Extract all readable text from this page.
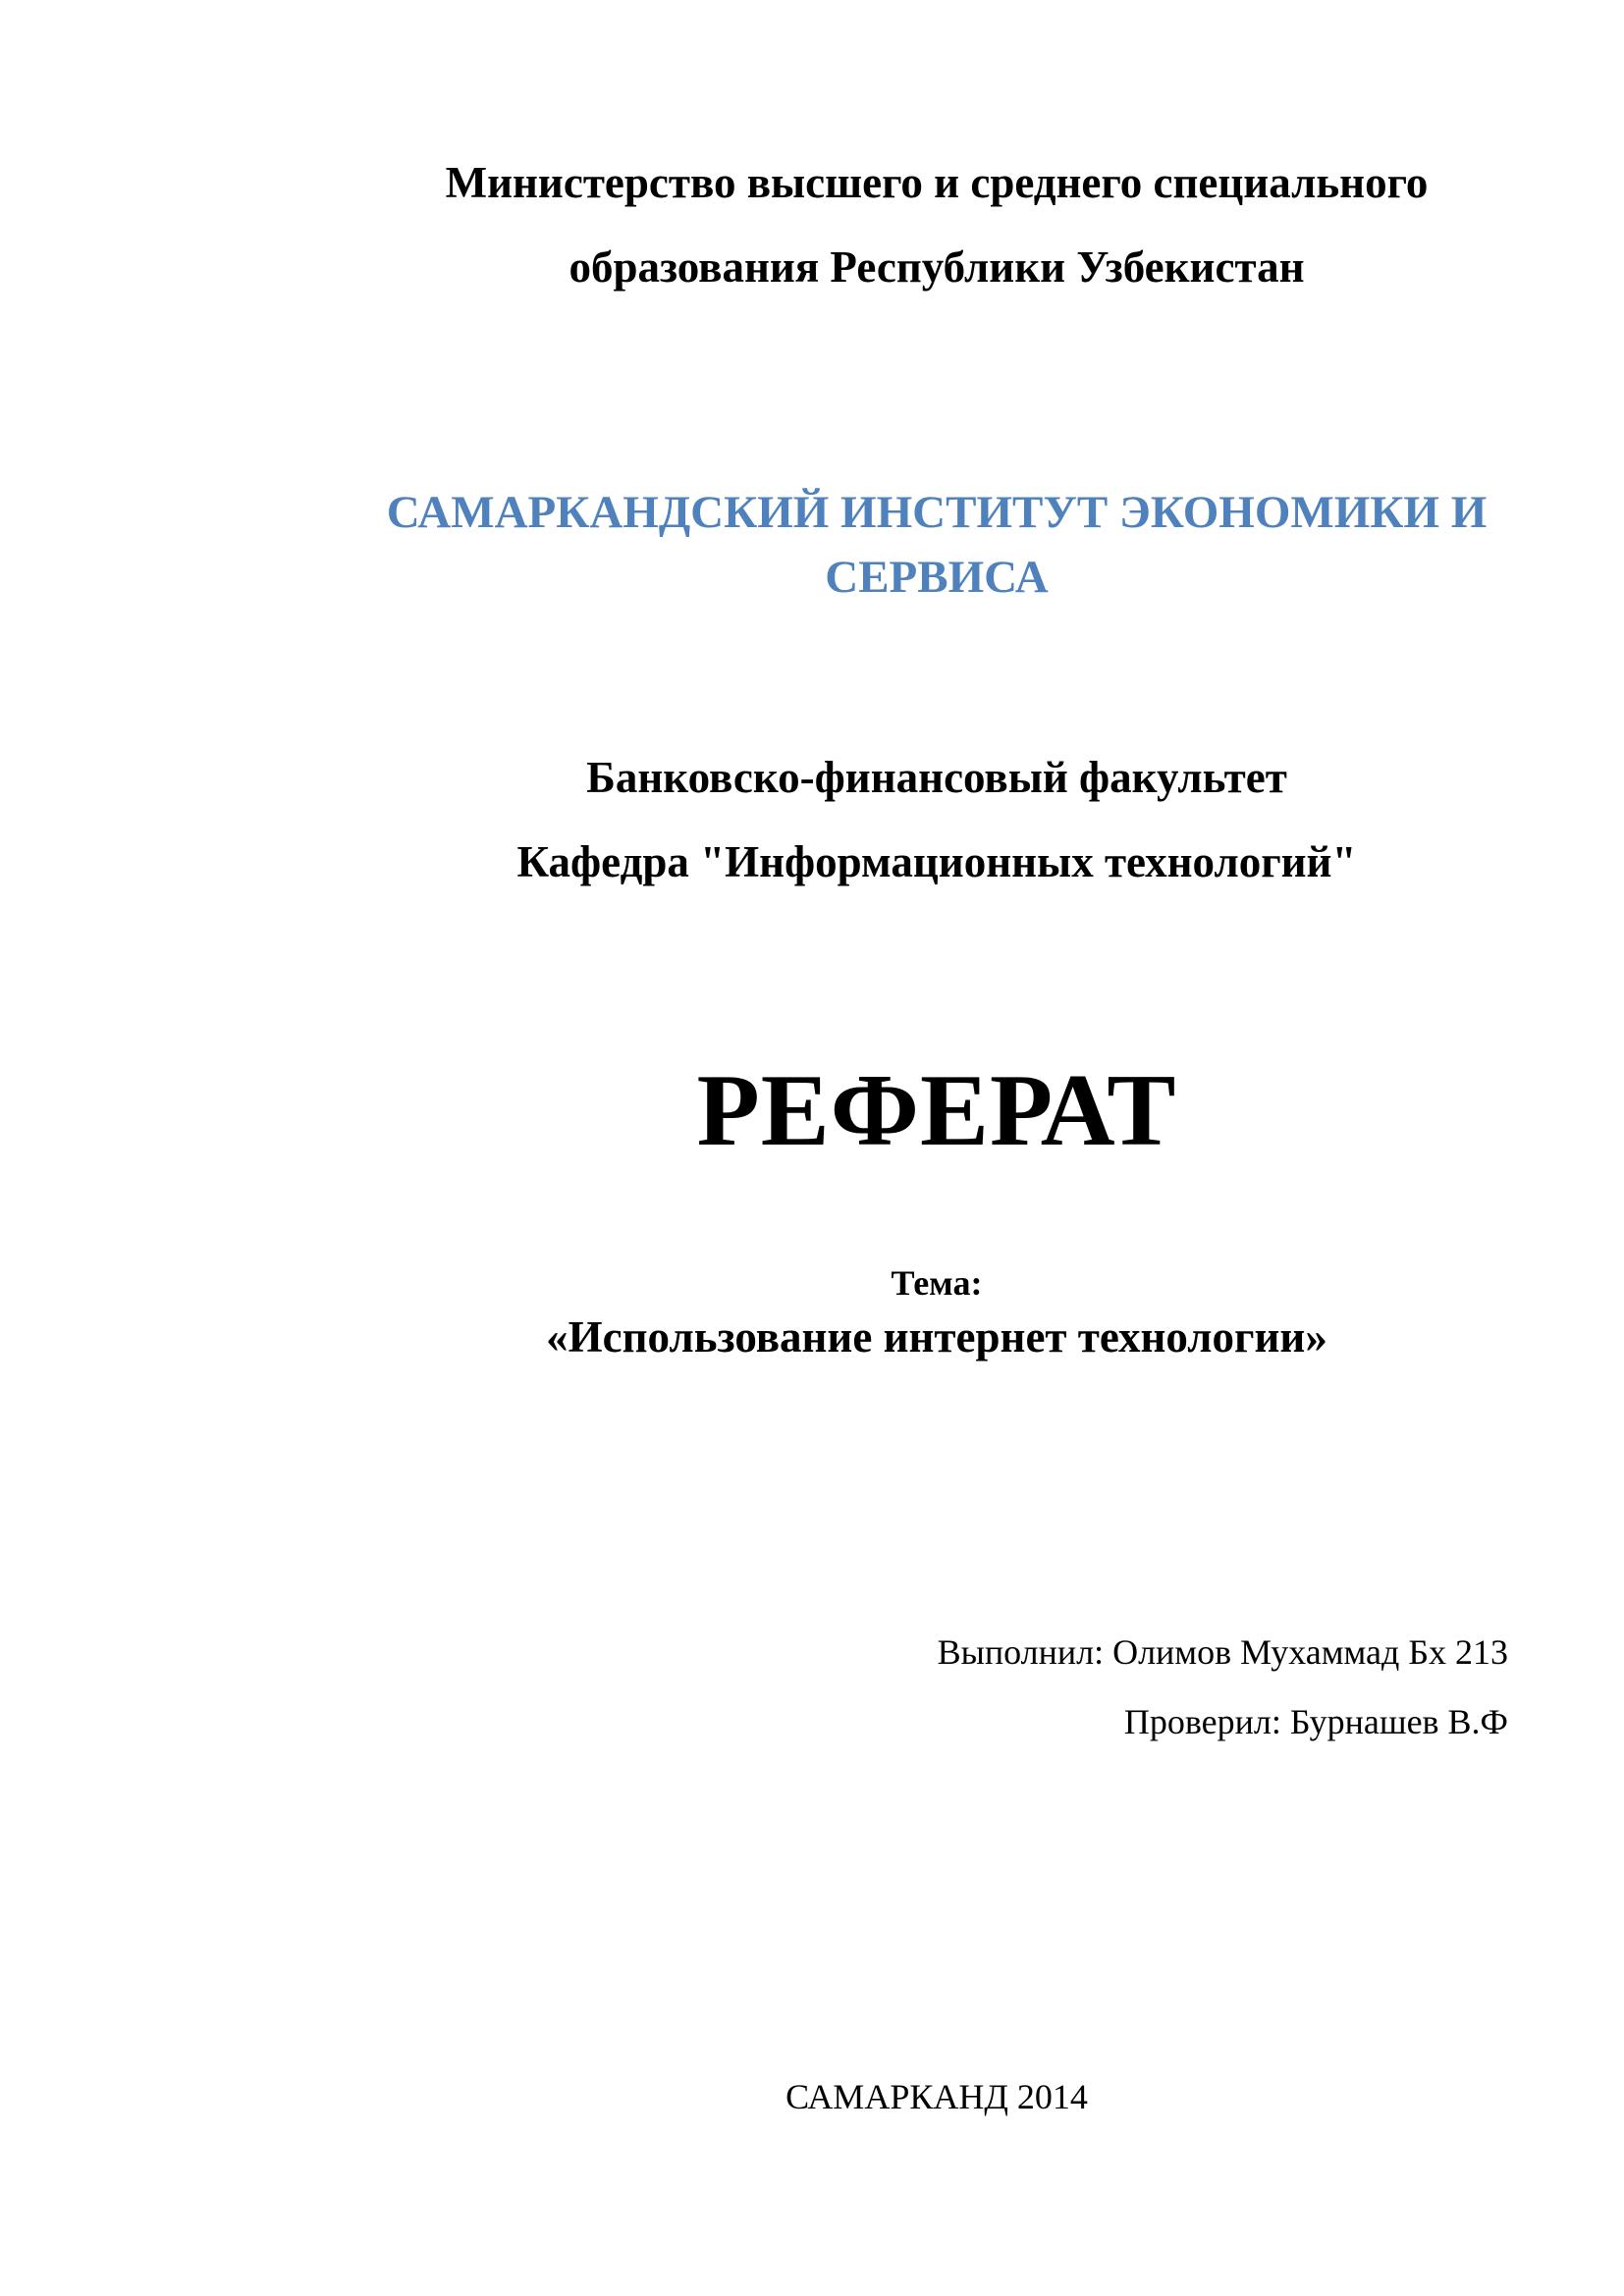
Министерство высшего и среднего специального

образования Республики Узбекистан

САМАРКАНДСКИЙ ИНСТИТУТ ЭКОНОМИКИ И

СЕРВИСА

Банковско-финансовый факультет

Кафедра "Информационных технологий"

РЕФЕРАТ

Тема:

«Использование интернет технологии»

Выполнил: Олимов Мухаммад Бх 213

Проверил: Бурнашев В.Ф

САМАРКАНД 2014
